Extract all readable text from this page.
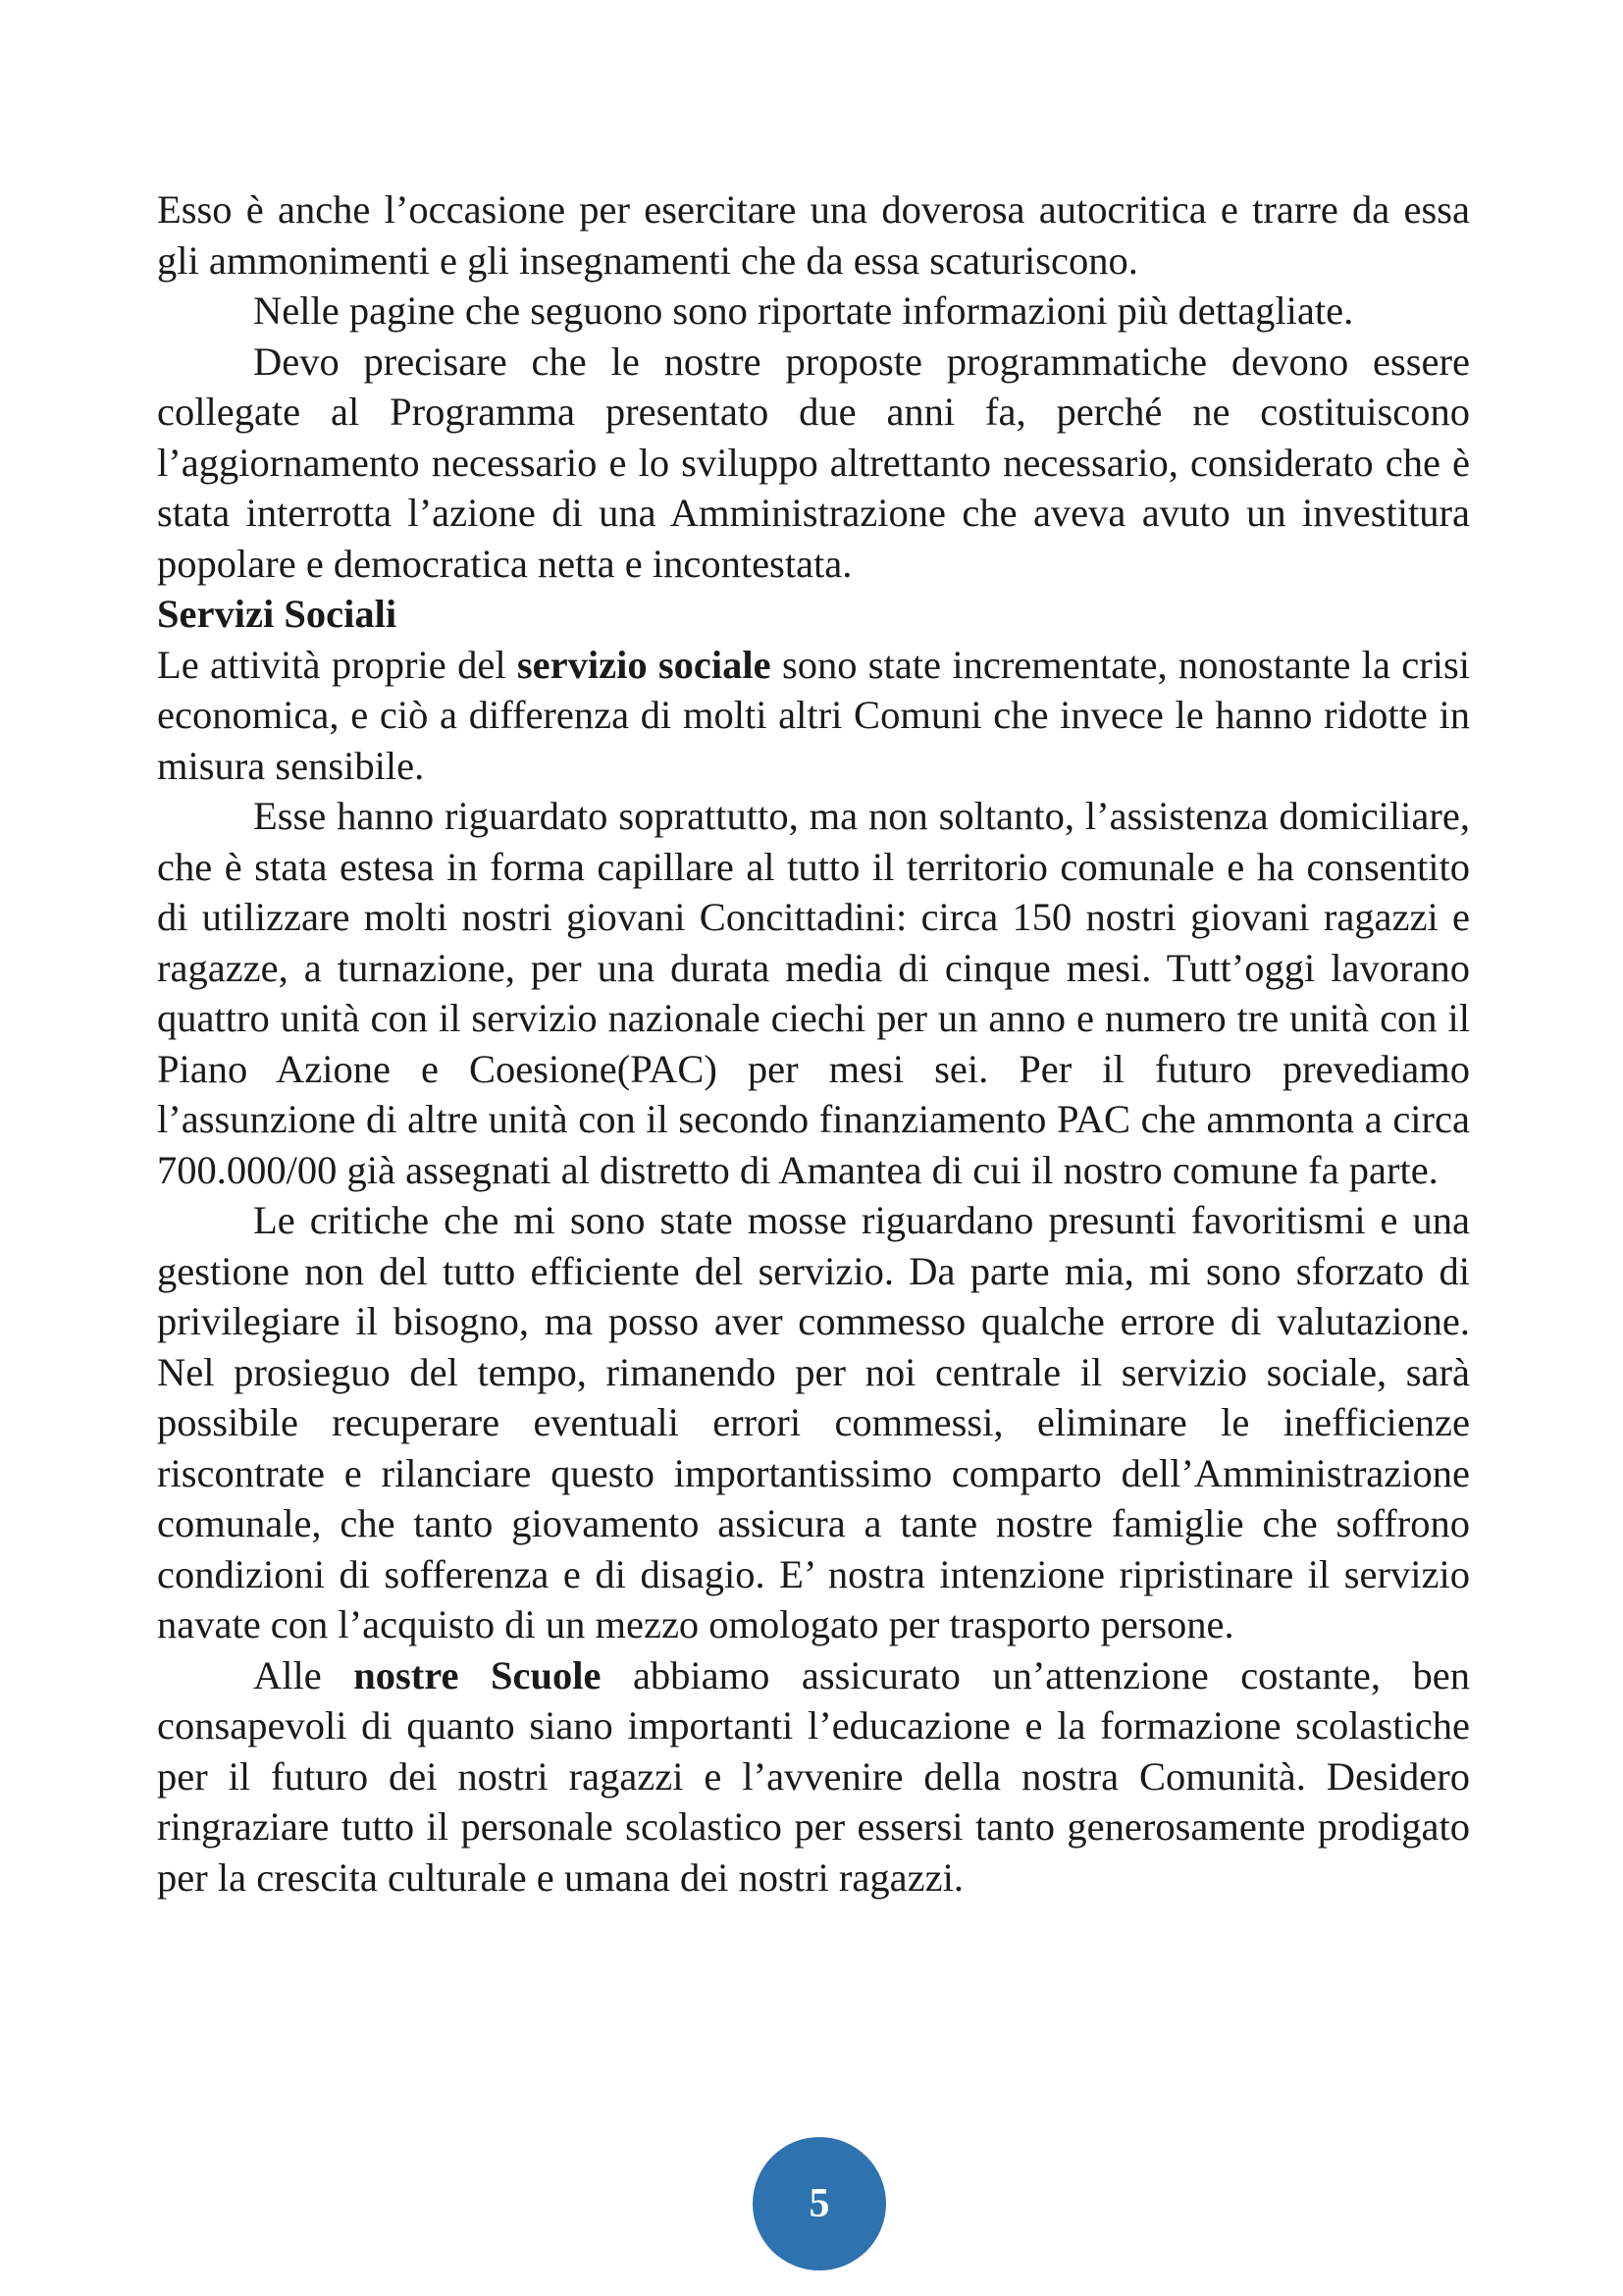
Esso è anche l’occasione per esercitare una doverosa autocritica e trarre da essa gli ammonimenti e gli insegnamenti che da essa scaturiscono.

Nelle pagine che seguono sono riportate informazioni più dettagliate.

Devo precisare che le nostre proposte programmatiche devono essere collegate al Programma presentato due anni fa, perché ne costituiscono l’aggiornamento necessario e lo sviluppo altrettanto necessario, considerato che è stata interrotta l’azione di una Amministrazione che aveva avuto un investitura popolare e democratica netta e incontestata.

Servizi Sociali

Le attività proprie del servizio sociale sono state incrementate, nonostante la crisi economica, e ciò a differenza di molti altri Comuni che invece le hanno ridotte in misura sensibile.

Esse hanno riguardato soprattutto, ma non soltanto, l’assistenza domiciliare, che è stata estesa in forma capillare al tutto il territorio comunale e ha consentito di utilizzare molti nostri giovani Concittadini: circa 150 nostri giovani ragazzi e ragazze, a turnazione, per una durata media di cinque mesi. Tutt’oggi lavorano quattro unità con il servizio nazionale ciechi per un anno e numero tre unità con il Piano Azione e Coesione(PAC) per mesi sei. Per il futuro prevediamo l’assunzione di altre unità con il secondo finanziamento PAC che ammonta a circa 700.000/00 già assegnati al distretto di Amantea di cui il nostro comune fa parte.

Le critiche che mi sono state mosse riguardano presunti favoritismi e una gestione non del tutto efficiente del servizio. Da parte mia, mi sono sforzato di privilegiare il bisogno, ma posso aver commesso qualche errore di valutazione. Nel prosieguo del tempo, rimanendo per noi centrale il servizio sociale, sarà possibile recuperare eventuali errori commessi, eliminare le inefficienze riscontrate e rilanciare questo importantissimo comparto dell’Amministrazione comunale, che tanto giovamento assicura a tante nostre famiglie che soffrono condizioni di sofferenza e di disagio. E’ nostra intenzione ripristinare il servizio navate con l’acquisto di un mezzo omologato per trasporto persone.

Alle nostre Scuole abbiamo assicurato un’attenzione costante, ben consapevoli di quanto siano importanti l’educazione e la formazione scolastiche per il futuro dei nostri ragazzi e l’avvenire della nostra Comunità. Desidero ringraziare tutto il personale scolastico per essersi tanto generosamente prodigato per la crescita culturale e umana dei nostri ragazzi.

5
